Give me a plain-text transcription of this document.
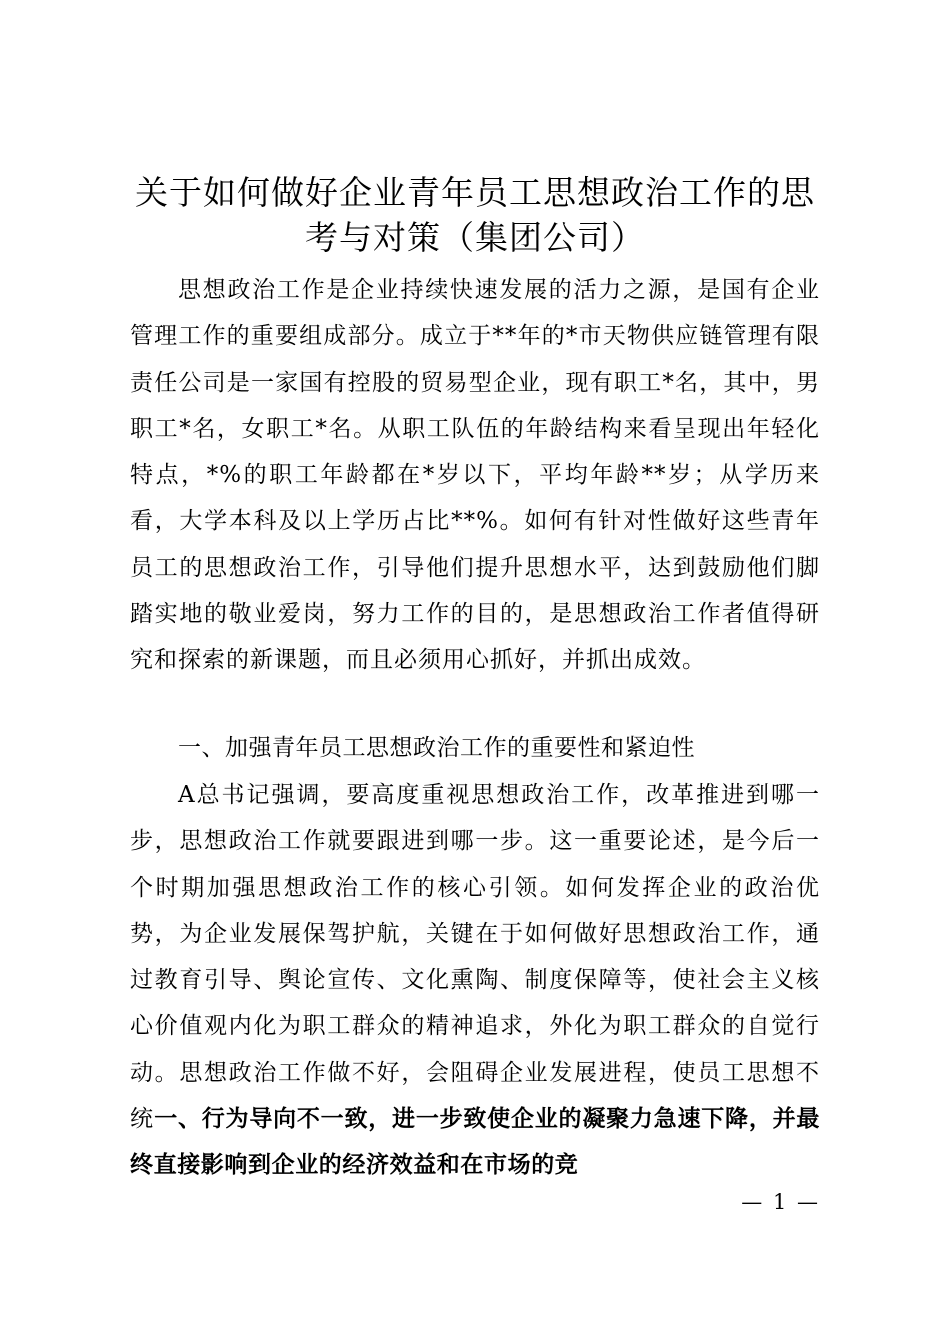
关于如何做好企业青年员工思想政治工作的思
考与对策（集团公司）

思想政治工作是企业持续快速发展的活力之源，是国有企业管理工作的重要组成部分。成立于**年的*市天物供应链管理有限责任公司是一家国有控股的贸易型企业，现有职工*名，其中，男职工*名，女职工*名。从职工队伍的年龄结构来看呈现出年轻化特点，*%的职工年龄都在*岁以下，平均年龄**岁；从学历来看，大学本科及以上学历占比**%。如何有针对性做好这些青年员工的思想政治工作，引导他们提升思想水平，达到鼓励他们脚踏实地的敬业爱岗，努力工作的目的，是思想政治工作者值得研究和探索的新课题，而且必须用心抓好，并抓出成效。

一、加强青年员工思想政治工作的重要性和紧迫性

A总书记强调，要高度重视思想政治工作，改革推进到哪一步，思想政治工作就要跟进到哪一步。这一重要论述，是今后一个时期加强思想政治工作的核心引领。如何发挥企业的政治优势，为企业发展保驾护航，关键在于如何做好思想政治工作，通过教育引导、舆论宣传、文化熏陶、制度保障等，使社会主义核心价值观内化为职工群众的精神追求，外化为职工群众的自觉行动。思想政治工作做不好，会阻碍企业发展进程，使员工思想不统一、行为导向不一致，进一步致使企业的凝聚力急速下降，并最终直接影响到企业的经济效益和在市场的竞

— 1 —
